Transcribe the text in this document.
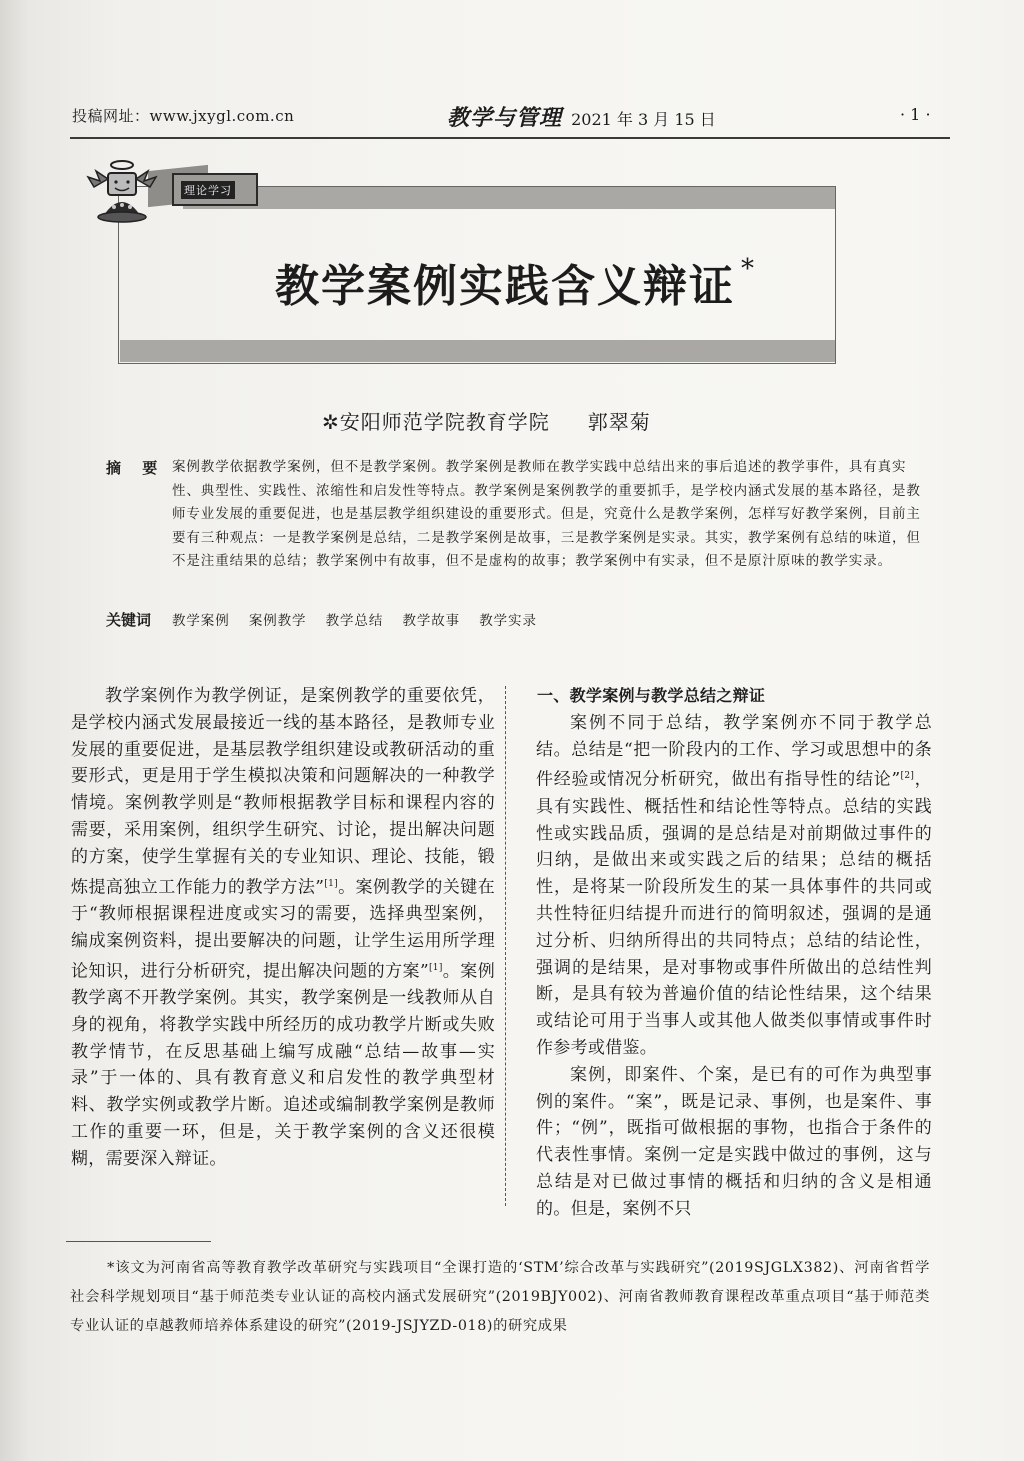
投稿网址：www.jxygl.com.cn	教学与管理 2021 年 3 月 15 日	· 1 ·
理论学习
教学案例实践含义辩证 *
✲安阳师范学院教育学院 郭翠菊
摘 要 案例教学依据教学案例，但不是教学案例。教学案例是教师在教学实践中总结出来的事后追述的教学事件，具有真实性、典型性、实践性、浓缩性和启发性等特点。教学案例是案例教学的重要抓手，是学校内涵式发展的基本路径，是教师专业发展的重要促进，也是基层教学组织建设的重要形式。但是，究竟什么是教学案例，怎样写好教学案例，目前主要有三种观点：一是教学案例是总结，二是教学案例是故事，三是教学案例是实录。其实，教学案例有总结的味道，但不是注重结果的总结；教学案例中有故事，但不是虚构的故事；教学案例中有实录，但不是原汁原味的教学实录。
关键词 教学案例 案例教学 教学总结 教学故事 教学实录

教学案例作为教学例证，是案例教学的重要依凭，是学校内涵式发展最接近一线的基本路径，是教师专业发展的重要促进，是基层教学组织建设或教研活动的重要形式，更是用于学生模拟决策和问题解决的一种教学情境。案例教学则是“教师根据教学目标和课程内容的需要，采用案例，组织学生研究、讨论，提出解决问题的方案，使学生掌握有关的专业知识、理论、技能，锻炼提高独立工作能力的教学方法”[1]。案例教学的关键在于“教师根据课程进度或实习的需要，选择典型案例，编成案例资料，提出要解决的问题，让学生运用所学理论知识，进行分析研究，提出解决问题的方案”[1]。案例教学离不开教学案例。其实，教学案例是一线教师从自身的视角，将教学实践中所经历的成功教学片断或失败教学情节，在反思基础上编写成融“总结—故事—实录”于一体的、具有教育意义和启发性的教学典型材料、教学实例或教学片断。追述或编制教学案例是教师工作的重要一环，但是，关于教学案例的含义还很模糊，需要深入辩证。

一、教学案例与教学总结之辩证

案例不同于总结，教学案例亦不同于教学总结。总结是“把一阶段内的工作、学习或思想中的条件经验或情况分析研究，做出有指导性的结论”[2]，具有实践性、概括性和结论性等特点。总结的实践性或实践品质，强调的是总结是对前期做过事件的归纳，是做出来或实践之后的结果；总结的概括性，是将某一阶段所发生的某一具体事件的共同或共性特征归结提升而进行的简明叙述，强调的是通过分析、归纳所得出的共同特点；总结的结论性，强调的是结果，是对事物或事件所做出的总结性判断，是具有较为普遍价值的结论性结果，这个结果或结论可用于当事人或其他人做类似事情或事件时作参考或借鉴。

案例，即案件、个案，是已有的可作为典型事例的案件。“案”，既是记录、事例，也是案件、事件；“例”，既指可做根据的事物，也指合于条件的代表性事情。案例一定是实践中做过的事例，这与总结是对已做过事情的概括和归纳的含义是相通的。但是，案例不只

*该文为河南省高等教育教学改革研究与实践项目“全课打造的‘STM’综合改革与实践研究”(2019SJGLX382)、河南省哲学社会科学规划项目“基于师范类专业认证的高校内涵式发展研究”(2019BJY002)、河南省教师教育课程改革重点项目“基于师范类专业认证的卓越教师培养体系建设的研究”(2019-JSJYZD-018)的研究成果
